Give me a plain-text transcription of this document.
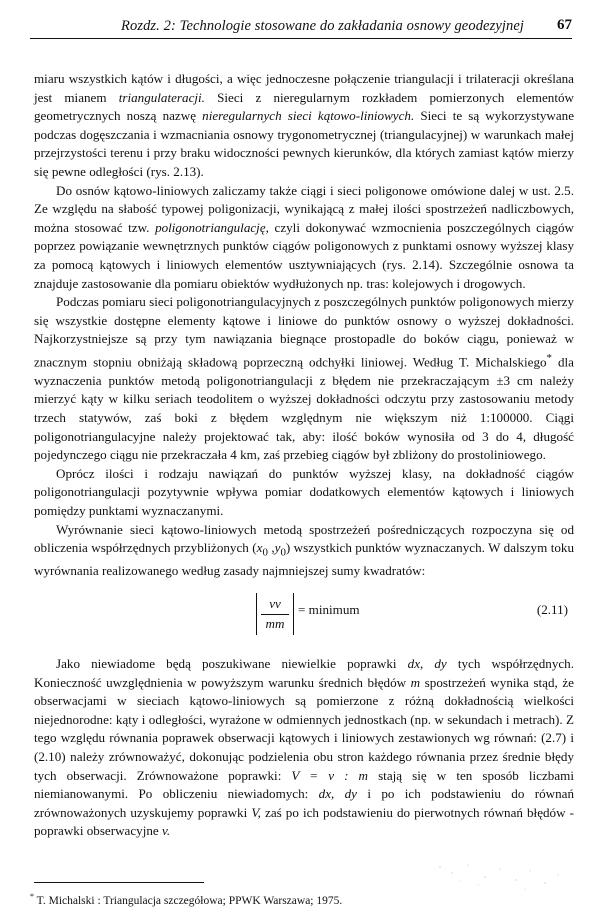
Rozdz. 2: Technologie stosowane do zakładania osnowy geodezyjnej 67

miaru wszystkich kątów i długości, a więc jednoczesne połączenie triangulacji i trilateracji określana jest mianem triangulateracji. Sieci z nieregularnym rozkładem pomierzonych elementów geometrycznych noszą nazwę nieregularnych sieci kątowo-liniowych. Sieci te są wykorzystywane podczas dogęszczania i wzmacniania osnowy trygonometrycznej (triangulacyjnej) w warunkach małej przejrzystości terenu i przy braku widoczności pewnych kierunków, dla których zamiast kątów mierzy się pewne odległości (rys. 2.13).

Do osnów kątowo-liniowych zaliczamy także ciągi i sieci poligonowe omówione dalej w ust. 2.5. Ze względu na słabość typowej poligonizacji, wynikającą z małej ilości spostrzeżeń nadliczbowych, można stosować tzw. poligonotriangulację, czyli dokonywać wzmocnienia poszczególnych ciągów poprzez powiązanie wewnętrznych punktów ciągów poligonowych z punktami osnowy wyższej klasy za pomocą kątowych i liniowych elementów usztywniających (rys. 2.14). Szczególnie osnowa ta znajduje zastosowanie dla pomiaru obiektów wydłużonych np. tras: kolejowych i drogowych.

Podczas pomiaru sieci poligonotriangulacyjnych z poszczególnych punktów poligonowych mierzy się wszystkie dostępne elementy kątowe i liniowe do punktów osnowy o wyższej dokładności. Najkorzystniejsze są przy tym nawiązania biegnące prostopadle do boków ciągu, ponieważ w znacznym stopniu obniżają składową poprzeczną odchyłki liniowej. Według T. Michalskiego* dla wyznaczenia punktów metodą poligonotriangulacji z błędem nie przekraczającym ±3 cm należy mierzyć kąty w kilku seriach teodolitem o wyższej dokładności odczytu przy zastosowaniu metody trzech statywów, zaś boki z błędem względnym nie większym niż 1:100000. Ciągi poligonotriangulacyjne należy projektować tak, aby: ilość boków wynosiła od 3 do 4, długość pojedynczego ciągu nie przekraczała 4 km, zaś przebieg ciągów był zbliżony do prostoliniowego.

Oprócz ilości i rodzaju nawiązań do punktów wyższej klasy, na dokładność ciągów poligonotriangulacji pozytywnie wpływa pomiar dodatkowych elementów kątowych i liniowych pomiędzy punktami wyznaczanymi.

Wyrównanie sieci kątowo-liniowych metodą spostrzeżeń pośredniczących rozpoczyna się od obliczenia współrzędnych przybliżonych ($x_0$ $,y_0$) wszystkich punktów wyznaczanych. W dalszym toku wyrównania realizowanego według zasady najmniejszej sumy kwadratów:

vv
mm
= minimum	(2.11)

Jako niewiadome będą poszukiwane niewielkie poprawki dx, dy tych współrzędnych. Konieczność uwzględnienia w powyższym warunku średnich błędów m spostrzeżeń wynika stąd, że obserwacjami w sieciach kątowo-liniowych są pomierzone z różną dokładnością wielkości niejednorodne: kąty i odległości, wyrażone w odmiennych jednostkach (np. w sekundach i metrach). Z tego względu równania poprawek obserwacji kątowych i liniowych zestawionych wg równań: (2.7) i (2.10) należy zrównoważyć, dokonując podzielenia obu stron każdego równania przez średnie błędy tych obserwacji. Zrównoważone poprawki: V = v : m stają się w ten sposób liczbami niemianowanymi. Po obliczeniu niewiadomych: dx, dy i po ich podstawieniu do równań zrównoważonych uzyskujemy poprawki V, zaś po ich podstawieniu do pierwotnych równań błędów - poprawki obserwacyjne v.

* T. Michalski : Triangulacja szczegółowa; PPWK Warszawa; 1975.
